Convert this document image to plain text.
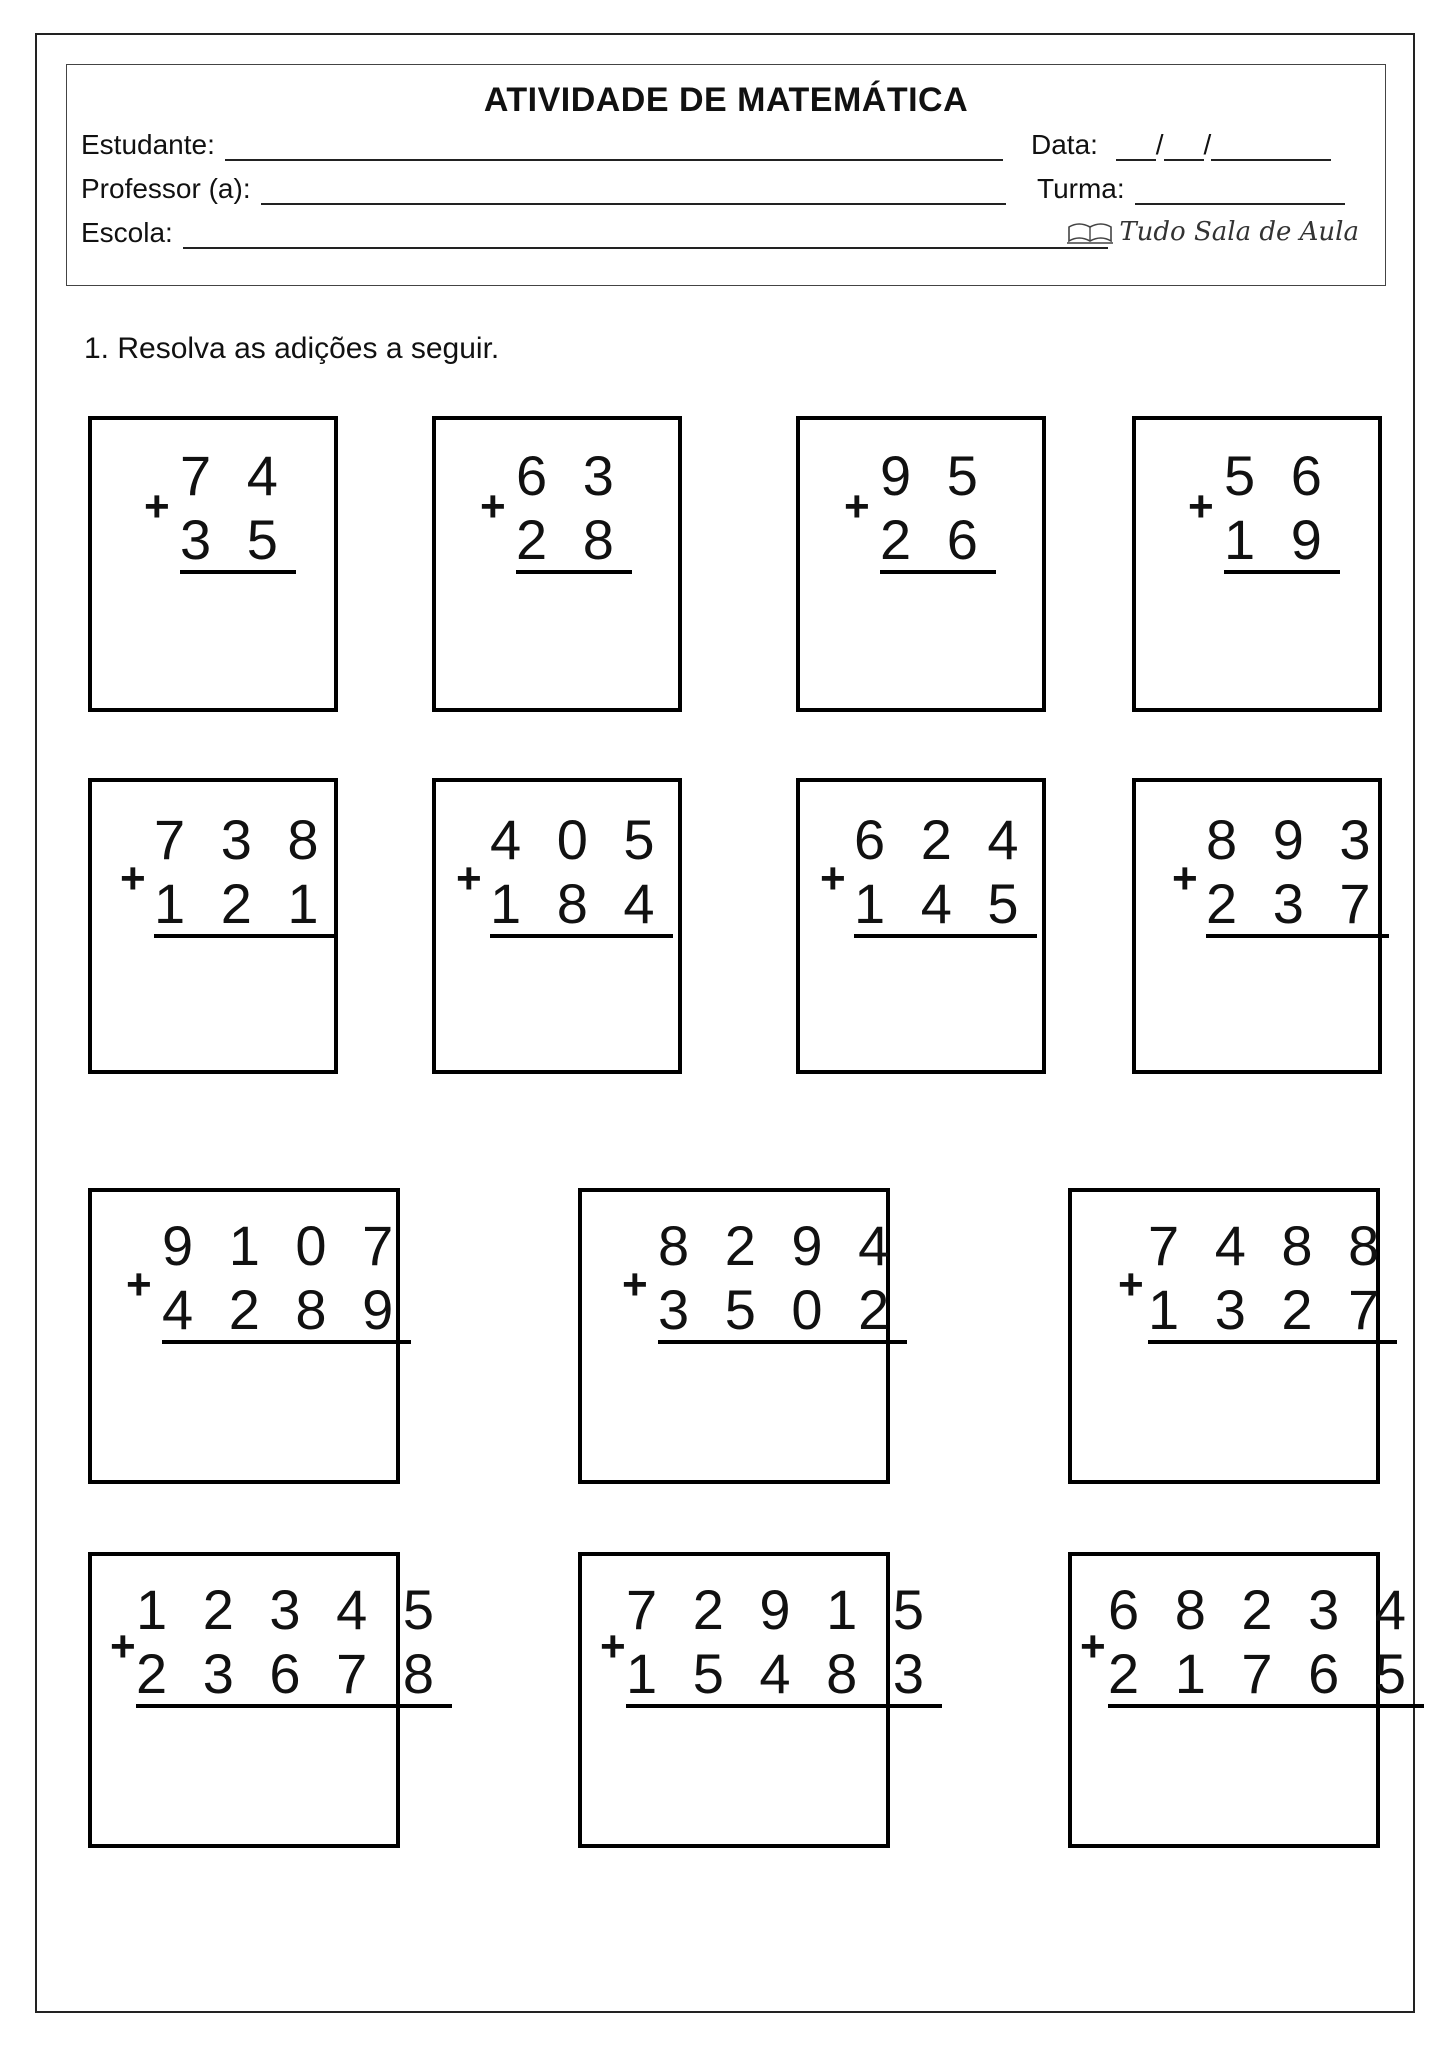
ATIVIDADE DE MATEMÁTICA
Estudante:	Data: / /
Professor (a):	Turma:
Escola:	Tudo Sala de Aula
1. Resolva as adições a seguir.
+ 7 4
3 5
+ 6 3
2 8
+ 9 5
2 6
+ 5 6
1 9
+
7 3 8
1 2 1	+
4 0 5
1 8 4	+
6 2 4
1 4 5	+
8 9 3
2 3 7
+
9 1 0 7
4 2 8 9	+
8 2 9 4
3 5 0 2	+
7 4 8 8
1 3 2 7
+
1 2 3 4 5
2 3 6 7 8	+
7 2 9 1 5
1 5 4 8 3	+
6 8 2 3 4
2 1 7 6 5
